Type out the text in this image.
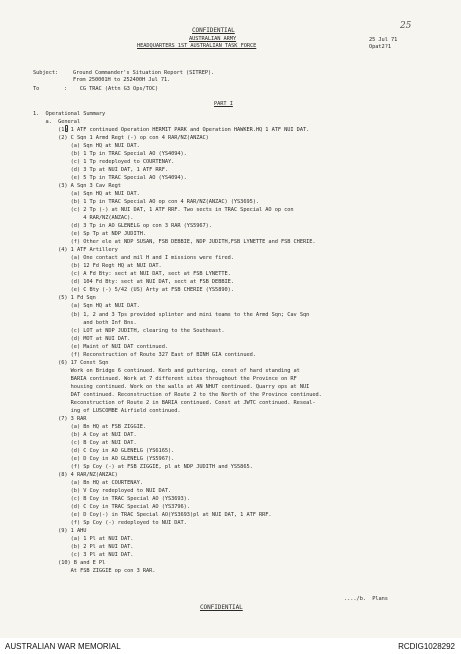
CONFIDENTIAL
AUSTRALIAN ARMY
HEADQUARTERS 1ST AUSTRALIAN TASK FORCE
25
25 Jul 71
Opat2?1
Subject:	Ground Commander's Situation Report (SITREP).
From 250001H to 252400H Jul 71.
To	:    CG TRAC (Attn G3 Ops/TOC)
PART I
1.  Operational Summary
a.  General
(1) 1 ATF continued Operation HERMIT PARK and Operation HAWKER.HQ 1 ATF NUI DAT.
(2) C Sqn 1 Armd Regt (-) op con 4 RAR/NZ(ANZAC)
(a) Sqn HQ at NUI DAT.
(b) 1 Tp in TRAC Special AO (YS4094).
(c) 1 Tp redeployed to COURTENAY.
(d) 3 Tp at NUI DAT, 1 ATF RRF.
(e) 5 Tp in TRAC Special AO (YS4094).
(3) A Sqn 3 Cav Regt
(a) Sqn HQ at NUI DAT.
(b) 1 Tp in TRAC Special AO op con 4 RAR/NZ(ANZAC) (YS3695).
(c) 2 Tp (-) at NUI DAT, 1 ATF RRF. Two sects in TRAC Special AO op con
4 RAR/NZ(ANZAC).
(d) 3 Tp in AO GLENELG op con 3 RAR (YS5967).
(e) Sp Tp at NDP JUDITH.
(f) Other ele at NDP SUSAN, FSB DEBBIE, NDP JUDITH,FSB LYNETTE and FSB CHERIE.
(4) 1 ATF Artillery
(a) One contact and mil H and I missions were fired.
(b) 12 Fd Regt HQ at NUI DAT.
(c) A Fd Bty: sect at NUI DAT, sect at FSB LYNETTE.
(d) 104 Fd Bty: sect at NUI DAT, sect at FSB DEBBIE.
(e) C Bty (-) 5/42 (US) Arty at FSB CHERIE (YS5890).
(5) 1 Fd Sqn
(a) Sqn HQ at NUI DAT.
(b) 1, 2 and 3 Tps provided splinter and mini teams to the Armd Sqn; Cav Sqn
and both Inf Bns.
(c) LOT at NDP JUDITH, clearing to the Southeast.
(d) MOT at NUI DAT.
(e) Maint of NUI DAT continued.
(f) Reconstruction of Route 327 East of BINH GIA continued.
(6) 17 Const Sqn
Work on Bridge 6 continued. Kerb and guttering, const of hard standing at
BARIA continued. Work at 7 different sites throughout the Province on RF
housing continued. Work on the walls at AN NHUT continued. Quarry ops at NUI
DAT continued. Reconstruction of Route 2 to the North of the Province continued.
Reconstruction of Route 2 in BARIA continued. Const at JWTC continued. Reseal-
ing of LUSCOMBE Airfield continued.
(7) 3 RAR
(a) Bn HQ at FSB ZIGGIE.
(b) A Coy at NUI DAT.
(c) B Coy at NUI DAT.
(d) C Coy in AO GLENELG (YS6165).
(e) D Coy in AO GLENELG (YS5967).
(f) Sp Coy (-) at FSB ZIGGIE, pl at NDP JUDITH and YS5865.
(8) 4 RAR/NZ(ANZAC)
(a) Bn HQ at COURTENAY.
(b) V Coy redeployed to NUI DAT.
(c) B Coy in TRAC Special AO (YS3693).
(d) C Coy in TRAC Special AO (YS3796).
(e) D Coy(-) in TRAC Special AO(YS3693)pl at NUI DAT, 1 ATF RRF.
(f) Sp Coy (-) redeployed to NUI DAT.
(9) 1 AHU
(a) 1 Pl at NUI DAT.
(b) 2 Pl at NUI DAT.
(c) 3 Pl at NUI DAT.
(10) B and E Pl
At FSB ZIGGIE op con 3 RAR.
..../b.  Plans
CONFIDENTIAL
AUSTRALIAN WAR MEMORIAL	RCDIG1028292
